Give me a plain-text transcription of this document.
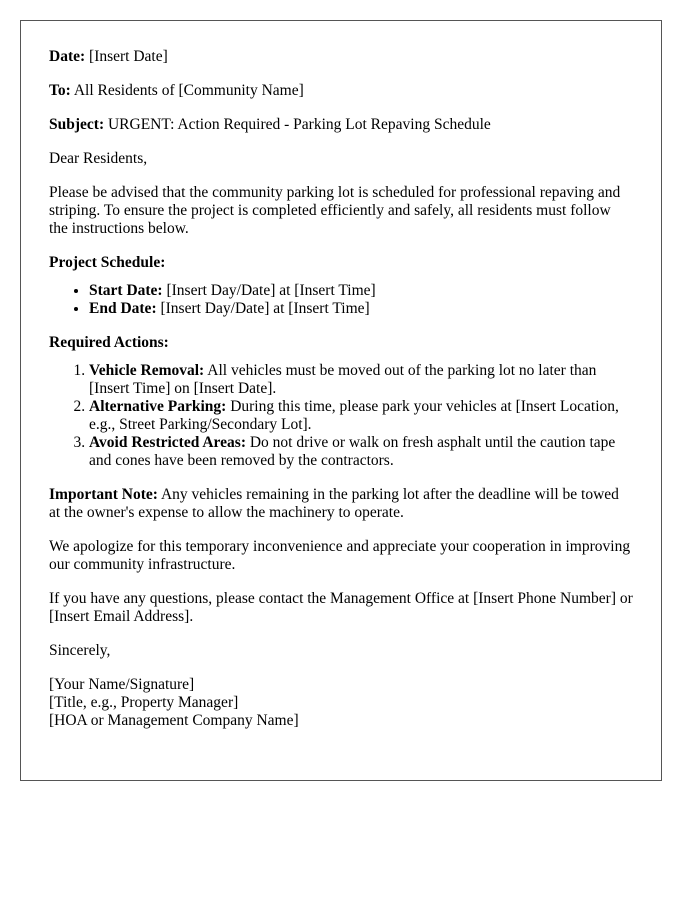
Date: [Insert Date]

To: All Residents of [Community Name]

Subject: URGENT: Action Required - Parking Lot Repaving Schedule

Dear Residents,

Please be advised that the community parking lot is scheduled for professional repaving and striping. To ensure the project is completed efficiently and safely, all residents must follow the instructions below.

Project Schedule:

• Start Date: [Insert Day/Date] at [Insert Time]
• End Date: [Insert Day/Date] at [Insert Time]

Required Actions:

1. Vehicle Removal: All vehicles must be moved out of the parking lot no later than [Insert Time] on [Insert Date].
2. Alternative Parking: During this time, please park your vehicles at [Insert Location, e.g., Street Parking/Secondary Lot].
3. Avoid Restricted Areas: Do not drive or walk on fresh asphalt until the caution tape and cones have been removed by the contractors.

Important Note: Any vehicles remaining in the parking lot after the deadline will be towed at the owner's expense to allow the machinery to operate.

We apologize for this temporary inconvenience and appreciate your cooperation in improving our community infrastructure.

If you have any questions, please contact the Management Office at [Insert Phone Number] or [Insert Email Address].

Sincerely,

[Your Name/Signature]
[Title, e.g., Property Manager]
[HOA or Management Company Name]
